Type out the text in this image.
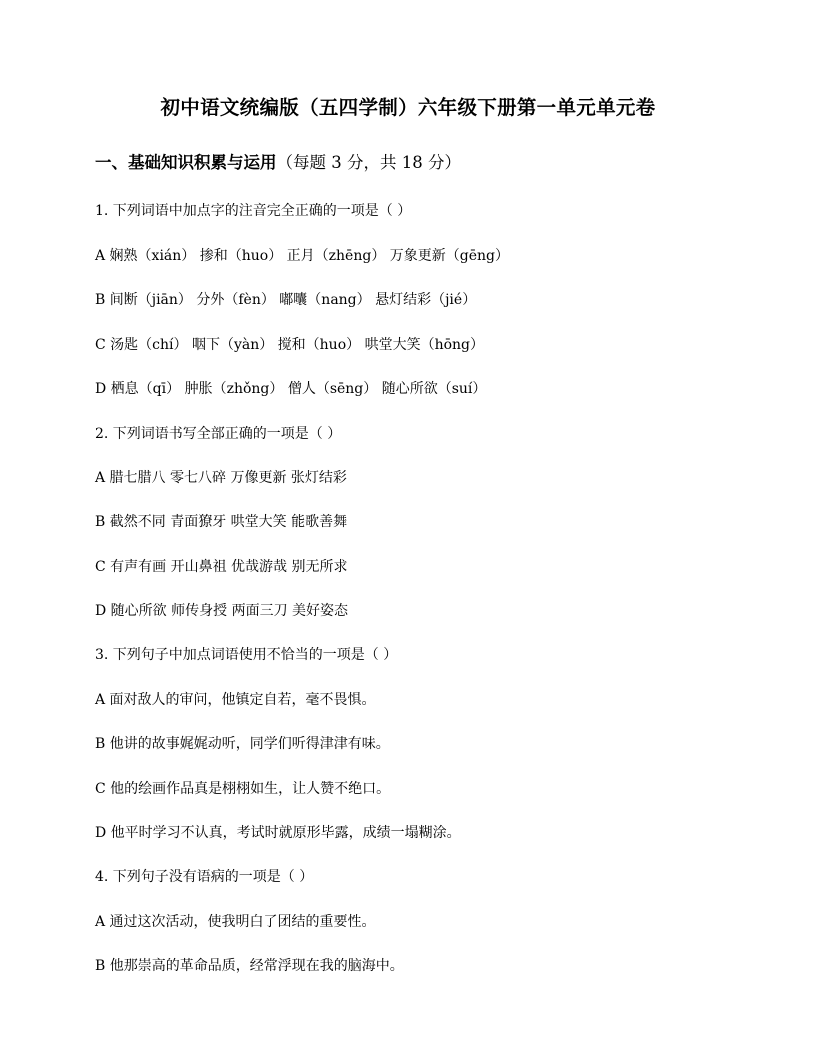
初中语文统编版（五四学制）六年级下册第一单元单元卷
一、基础知识积累与运用（每题 3 分，共 18 分）
1. 下列词语中加点字的注音完全正确的一项是（ ）
A 娴熟（xián） 掺和（huo） 正月（zhēng） 万象更新（gēng）
B 间断（jiān） 分外（fèn） 嘟囔（nang） 悬灯结彩（jié）
C 汤匙（chí） 咽下（yàn） 搅和（huo） 哄堂大笑（hōng）
D 栖息（qī） 肿胀（zhǒng） 僧人（sēng） 随心所欲（suí）
2. 下列词语书写全部正确的一项是（ ）
A 腊七腊八 零七八碎 万像更新 张灯结彩
B 截然不同 青面獠牙 哄堂大笑 能歌善舞
C 有声有画 开山鼻祖 优哉游哉 别无所求
D 随心所欲 师传身授 两面三刀 美好姿态
3. 下列句子中加点词语使用不恰当的一项是（ ）
A 面对敌人的审问，他镇定自若，毫不畏惧。
B 他讲的故事娓娓动听，同学们听得津津有味。
C 他的绘画作品真是栩栩如生，让人赞不绝口。
D 他平时学习不认真，考试时就原形毕露，成绩一塌糊涂。
4. 下列句子没有语病的一项是（ ）
A 通过这次活动，使我明白了团结的重要性。
B 他那崇高的革命品质，经常浮现在我的脑海中。
